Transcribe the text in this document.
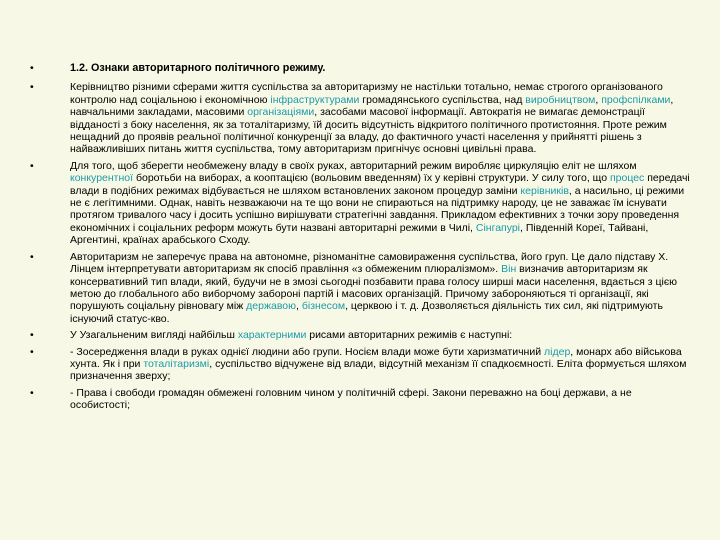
•	1.2. Ознаки авторитарного політичного режиму.
•	Керівництво різними сферами життя суспільства за авторитаризму не настільки тотально, немає строгого організованого контролю над соціальною і економічною інфраструктурами громадянського суспільства, над виробництвом, профспілками, навчальними закладами, масовими організаціями, засобами масової інформації. Автократія не вимагає демонстрації відданості з боку населення, як за тоталітаризму, їй досить відсутність відкритого політичного протистояння. Проте режим нещадний до проявів реальної політичної конкуренції за владу, до фактичного участі населення у прийнятті рішень з найважливіших питань життя суспільства, тому авторитаризм пригнічує основні цивільні права.
•	Для того, щоб зберегти необмежену владу в своїх руках, авторитарний режим виробляє циркуляцію еліт не шляхом конкурентної боротьби на виборах, а кооптацією (вольовим введенням) їх у керівні структури. У силу того, що процес передачі влади в подібних режимах відбувається не шляхом встановлених законом процедур заміни керівників, а насильно, ці режими не є легітимними. Однак, навіть незважаючи на те що вони не спираються на підтримку народу, це не заважає їм існувати протягом тривалого часу і досить успішно вирішувати стратегічні завдання. Прикладом ефективних з точки зору проведення економічних і соціальних реформ можуть бути названі авторитарні режими в Чилі, Сінгапурі, Південній Кореї, Тайвані, Аргентині, країнах арабського Сходу.
•	Авторитаризм не заперечує права на автономне, різноманітне самовираження суспільства, його груп. Це дало підставу Х. Лінцем інтерпретувати авторитаризм як спосіб правління «з обмеженим плюралізмом». Він визначив авторитаризм як консервативний тип влади, який, будучи не в змозі сьогодні позбавити права голосу ширші маси населення, вдається з цією метою до глобального або виборчому забороні партій і масових організацій. Причому забороняються ті організації, які порушують соціальну рівновагу між державою, бізнесом, церквою і т. д. Дозволяється діяльність тих сил, які підтримують існуючий статус-кво.
•	У Узагальненим вигляді найбільш характерними рисами авторитарних режимів є наступні:
•	- Зосередження влади в руках однієї людини або групи. Носієм влади може бути харизматичний лідер, монарх або військова хунта. Як і при тоталітаризмі, суспільство відчужене від влади, відсутній механізм її спадкоємності. Еліта формується шляхом призначення зверху;
•	- Права і свободи громадян обмежені головним чином у політичній сфері. Закони переважно на боці держави, а не особистості;
